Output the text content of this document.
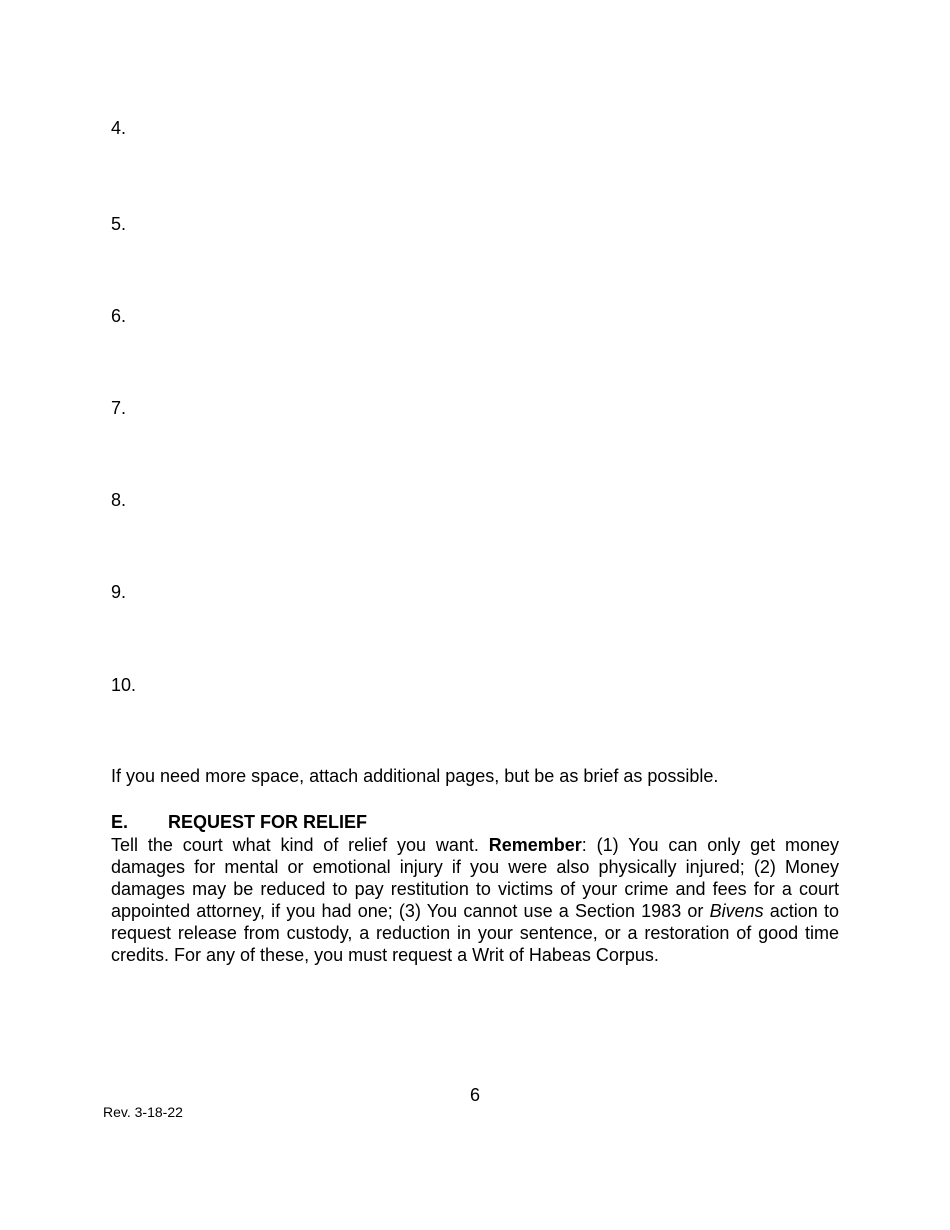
4.
5.
6.
7.
8.
9.
10.
If you need more space, attach additional pages, but be as brief as possible.
E. REQUEST FOR RELIEF
Tell the court what kind of relief you want. Remember: (1) You can only get money damages for mental or emotional injury if you were also physically injured; (2) Money damages may be reduced to pay restitution to victims of your crime and fees for a court appointed attorney, if you had one; (3) You cannot use a Section 1983 or Bivens action to request release from custody, a reduction in your sentence, or a restoration of good time credits. For any of these, you must request a Writ of Habeas Corpus.
6
Rev. 3-18-22
